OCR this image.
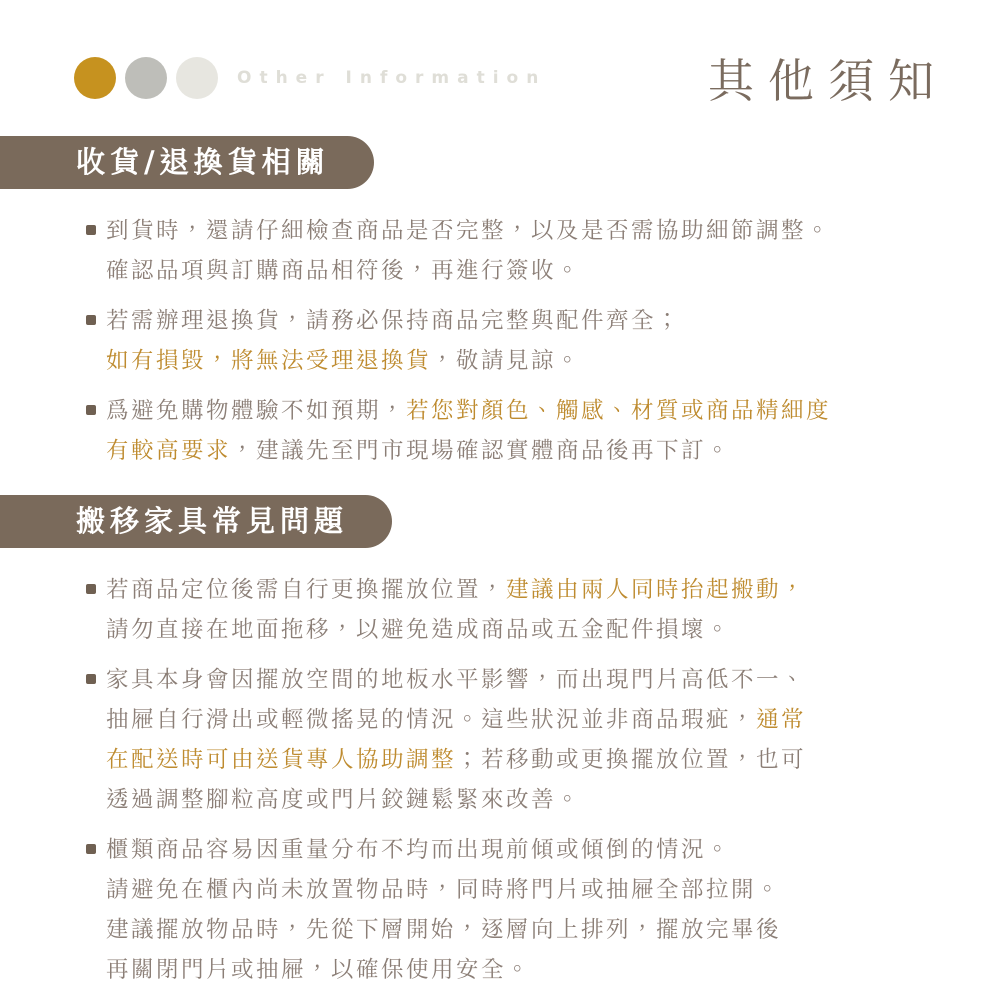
Other Information	其他須知
收貨/退換貨相關

到貨時，還請仔細檢查商品是否完整，以及是否需協助細節調整。
確認品項與訂購商品相符後，再進行簽收。

若需辦理退換貨，請務必保持商品完整與配件齊全；
如有損毀，將無法受理退換貨，敬請見諒。

爲避免購物體驗不如預期，若您對顏色、觸感、材質或商品精細度
有較高要求，建議先至門市現場確認實體商品後再下訂。

搬移家具常見問題

若商品定位後需自行更換擺放位置，建議由兩人同時抬起搬動，
請勿直接在地面拖移，以避免造成商品或五金配件損壞。

家具本身會因擺放空間的地板水平影響，而出現門片高低不一、
抽屜自行滑出或輕微搖晃的情況。這些狀況並非商品瑕疵，通常
在配送時可由送貨專人協助調整；若移動或更換擺放位置，也可
透過調整腳粒高度或門片鉸鏈鬆緊來改善。

櫃類商品容易因重量分布不均而出現前傾或傾倒的情況。
請避免在櫃內尚未放置物品時，同時將門片或抽屜全部拉開。
建議擺放物品時，先從下層開始，逐層向上排列，擺放完畢後
再關閉門片或抽屜，以確保使用安全。
